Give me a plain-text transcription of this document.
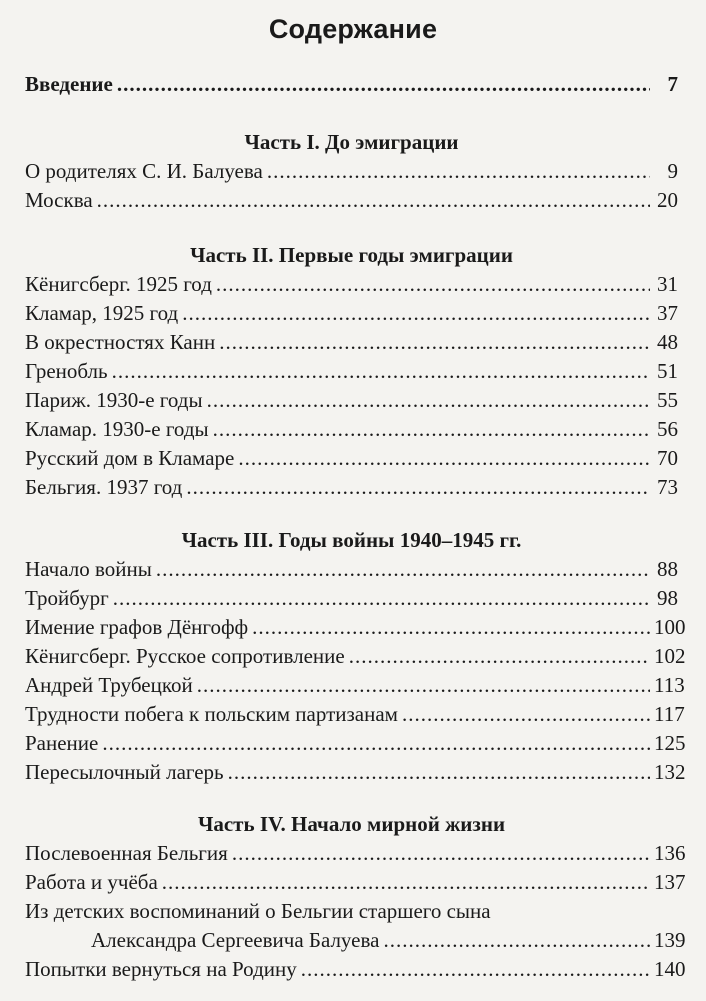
Содержание
Введение .....	7
Часть I. До эмиграции
О родителях С. И. Балуева .....	9
Москва .....	20
Часть II. Первые годы эмиграции
Кёнигсберг. 1925 год .....	31
Кламар, 1925 год .....	37
В окрестностях Канн .....	48
Гренобль .....	51
Париж. 1930-е годы .....	55
Кламар. 1930-е годы .....	56
Русский дом в Кламаре .....	70
Бельгия. 1937 год .....	73
Часть III. Годы войны 1940–1945 гг.
Начало войны .....	88
Тройбург .....	98
Имение графов Дёнгофф .....	100
Кёнигсберг. Русское сопротивление .....	102
Андрей Трубецкой .....	113
Трудности побега к польским партизанам .....	117
Ранение .....	125
Пересылочный лагерь .....	132
Часть IV. Начало мирной жизни
Послевоенная Бельгия .....	136
Работа и учёба .....	137
Из детских воспоминаний о Бельгии старшего сына
Александра Сергеевича Балуева .....	139
Попытки вернуться на Родину .....	140
